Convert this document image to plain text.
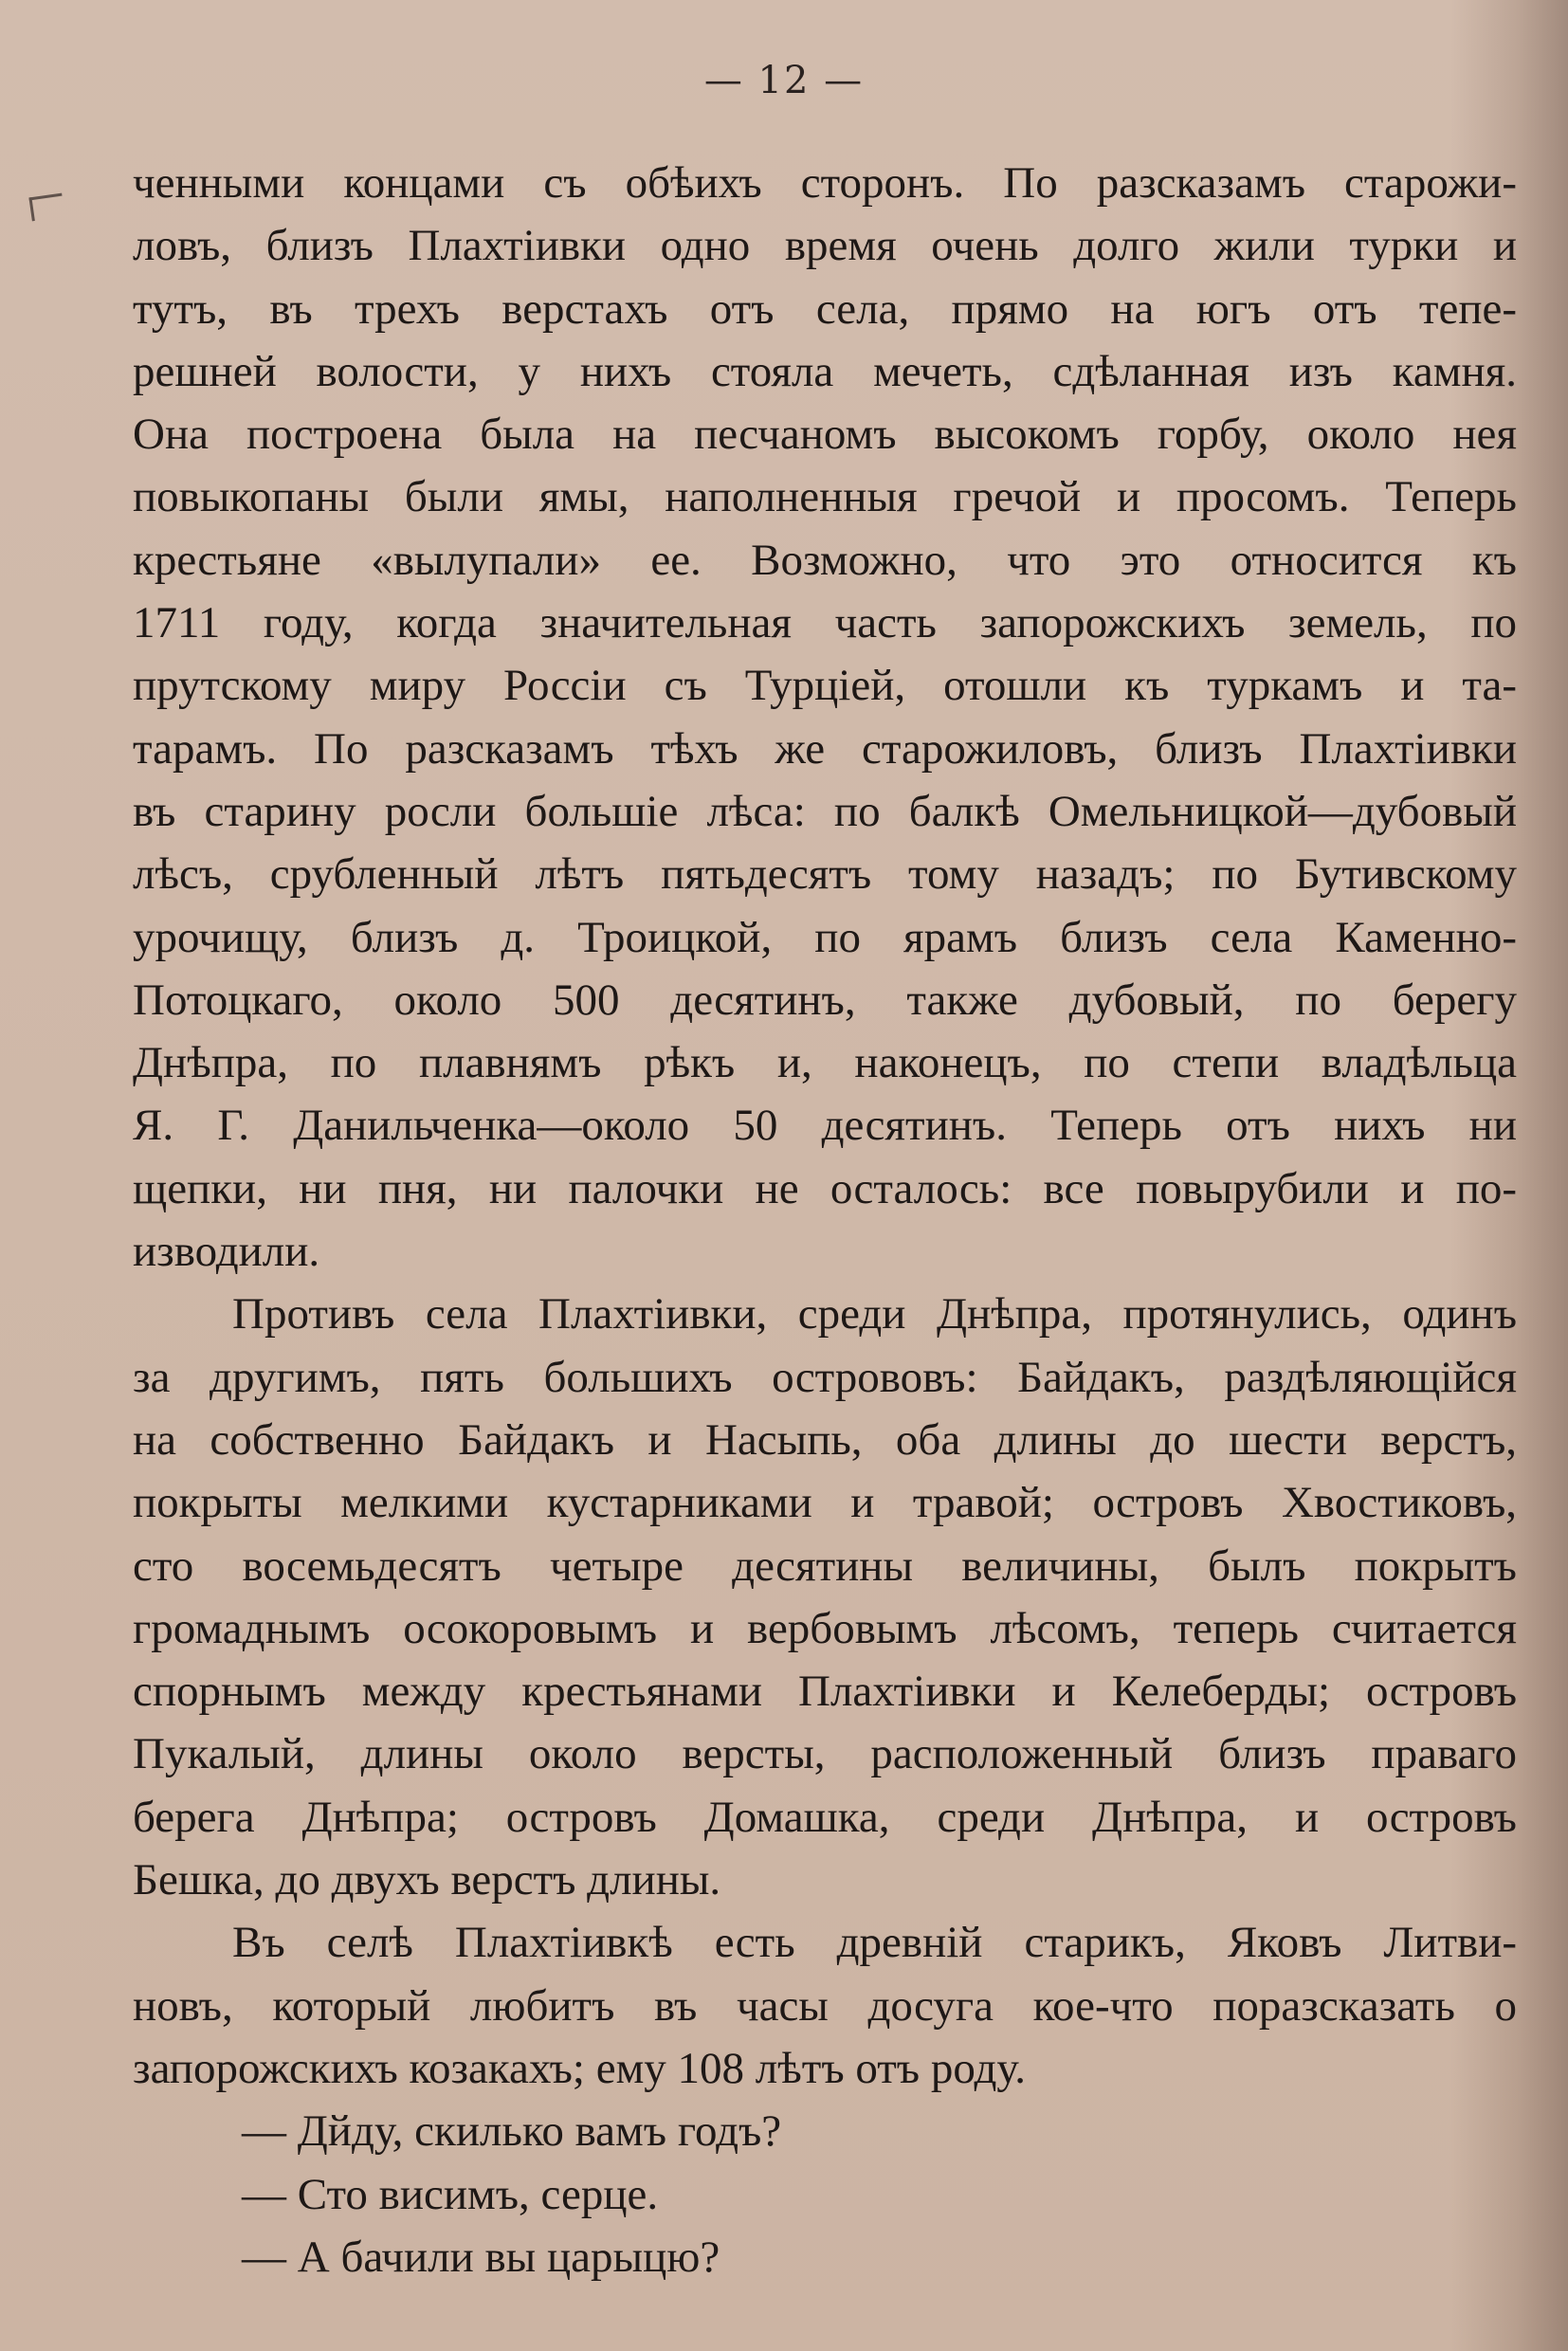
— 12 —
ченными концами съ обѣихъ сторонъ. По разсказамъ старожи-
ловъ, близъ Плахтіивки одно время очень долго жили турки и
тутъ, въ трехъ верстахъ отъ села, прямо на югъ отъ тепе-
решней волости, у нихъ стояла мечеть, сдѣланная изъ камня.
Она построена была на песчаномъ высокомъ горбу, около нея
повыкопаны были ямы, наполненныя гречой и просомъ. Теперь
крестьяне «вылупали» ее. Возможно, что это относится къ
1711 году, когда значительная часть запорожскихъ земель, по
прутскому миру Россіи съ Турціей, отошли къ туркамъ и та-
тарамъ. По разсказамъ тѣхъ же старожиловъ, близъ Плахтіивки
въ старину росли большіе лѣса: по балкѣ Омельницкой—дубовый
лѣсъ, срубленный лѣтъ пятьдесятъ тому назадъ; по Бутивскому
урочищу, близъ д. Троицкой, по ярамъ близъ села Каменно-
Потоцкаго, около 500 десятинъ, также дубовый, по берегу
Днѣпра, по плавнямъ рѣкъ и, наконецъ, по степи владѣльца
Я. Г. Данильченка—около 50 десятинъ. Теперь отъ нихъ ни
щепки, ни пня, ни палочки не осталось: все повырубили и по-
изводили.
Противъ села Плахтіивки, среди Днѣпра, протянулись, одинъ
за другимъ, пять большихъ острововъ: Байдакъ, раздѣляющійся
на собственно Байдакъ и Насыпь, оба длины до шести верстъ,
покрыты мелкими кустарниками и травой; островъ Хвостиковъ,
сто восемьдесятъ четыре десятины величины, былъ покрытъ
громаднымъ осокоровымъ и вербовымъ лѣсомъ, теперь считается
спорнымъ между крестьянами Плахтіивки и Келеберды; островъ
Пукалый, длины около версты, расположенный близъ праваго
берега Днѣпра; островъ Домашка, среди Днѣпра, и островъ
Бешка, до двухъ верстъ длины.
Въ селѣ Плахтіивкѣ есть древній старикъ, Яковъ Литви-
новъ, который любитъ въ часы досуга кое-что поразсказать о
запорожскихъ козакахъ; ему 108 лѣтъ отъ роду.
— Дйду, скилько вамъ годъ?
— Сто висимъ, серце.
— А бачили вы царыцю?
